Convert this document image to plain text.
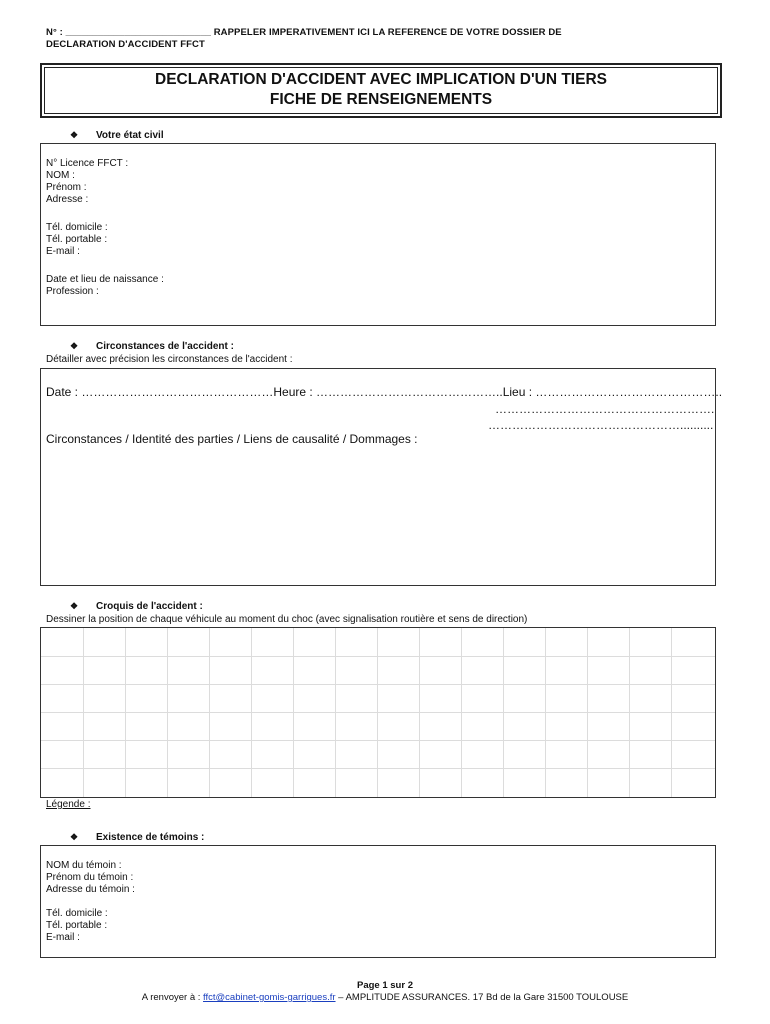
N° : ___________________________ RAPPELER IMPERATIVEMENT ICI LA REFERENCE DE VOTRE DOSSIER DE
DECLARATION D'ACCIDENT FFCT
DECLARATION D'ACCIDENT AVEC IMPLICATION D'UN TIERS
FICHE DE RENSEIGNEMENTS
❖ Votre état civil
N° Licence FFCT :
NOM :
Prénom :
Adresse :
Tél. domicile :
Tél. portable :
E-mail :
Date et lieu de naissance :
Profession :
❖ Circonstances de l'accident :
Détailler avec précision les circonstances de l'accident :
Date : …………………………………………Heure : ………………………………………..Lieu : ………………………………………..
……………………………………………….
…………………………………………..........
Circonstances / Identité des parties / Liens de causalité / Dommages :
❖ Croquis de l'accident :
Dessiner la position de chaque véhicule au moment du choc (avec signalisation routière et sens de direction)
Légende :
❖ Existence de témoins :
NOM du témoin :
Prénom du témoin :
Adresse du témoin :
Tél. domicile :
Tél. portable :
E-mail :
Page 1 sur 2
A renvoyer à : ffct@cabinet-gomis-garrigues.fr – AMPLITUDE ASSURANCES. 17 Bd de la Gare 31500 TOULOUSE
